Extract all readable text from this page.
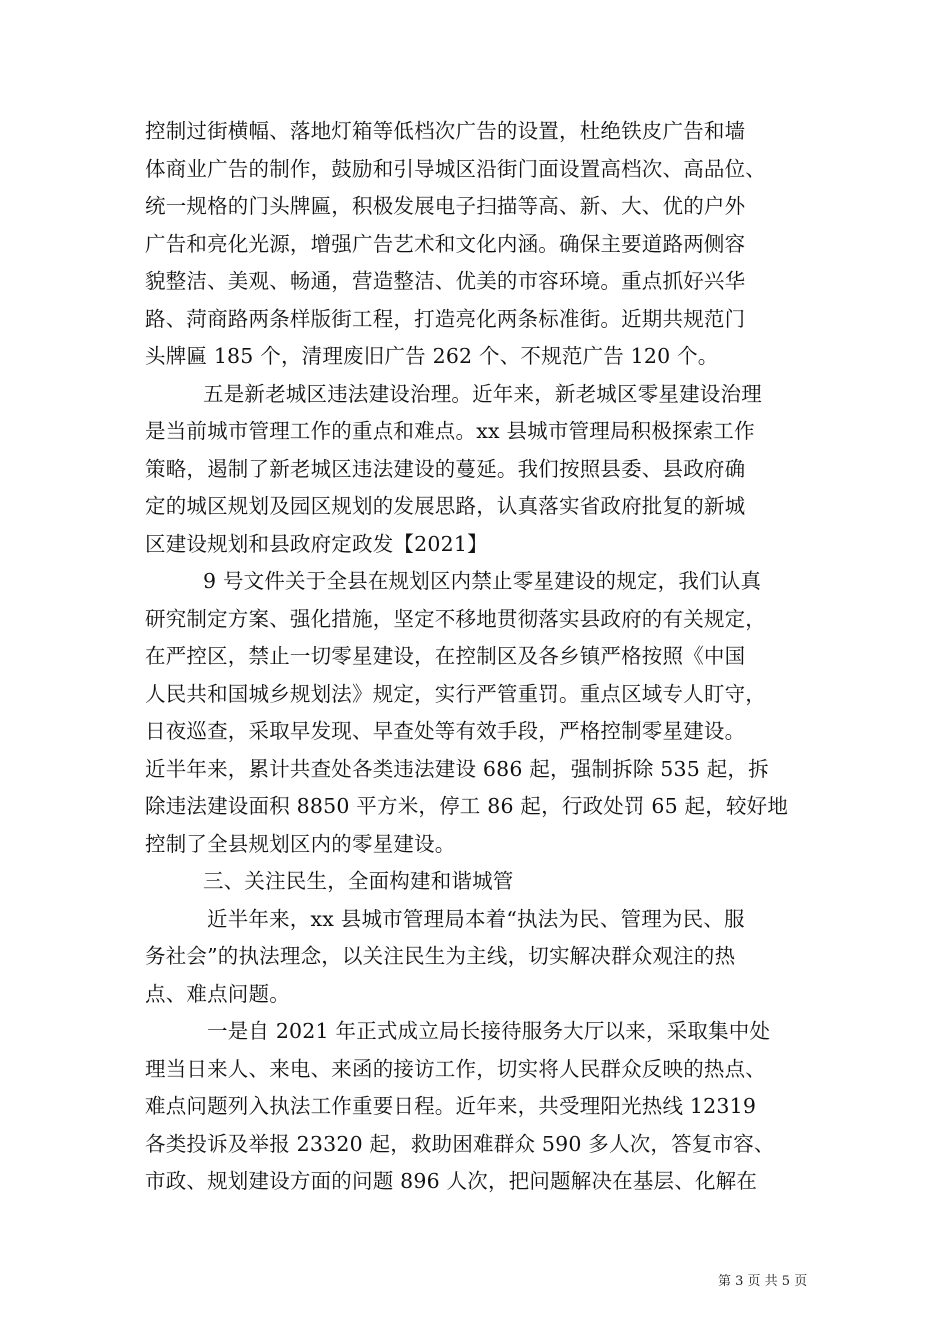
控制过街横幅、落地灯箱等低档次广告的设置，杜绝铁皮广告和墙
体商业广告的制作，鼓励和引导城区沿街门面设置高档次、高品位、
统一规格的门头牌匾，积极发展电子扫描等高、新、大、优的户外
广告和亮化光源，增强广告艺术和文化内涵。确保主要道路两侧容
貌整洁、美观、畅通，营造整洁、优美的市容环境。重点抓好兴华
路、菏商路两条样版街工程，打造亮化两条标准街。近期共规范门
头牌匾 185 个，清理废旧广告 262 个、不规范广告 120 个。
五是新老城区违法建设治理。近年来，新老城区零星建设治理
是当前城市管理工作的重点和难点。xx 县城市管理局积极探索工作
策略，遏制了新老城区违法建设的蔓延。我们按照县委、县政府确
定的城区规划及园区规划的发展思路，认真落实省政府批复的新城
区建设规划和县政府定政发【2021】
9 号文件关于全县在规划区内禁止零星建设的规定，我们认真
研究制定方案、强化措施，坚定不移地贯彻落实县政府的有关规定，
在严控区，禁止一切零星建设，在控制区及各乡镇严格按照《中国
人民共和国城乡规划法》规定，实行严管重罚。重点区域专人盯守，
日夜巡查，采取早发现、早查处等有效手段，严格控制零星建设。
近半年来，累计共查处各类违法建设 686 起，强制拆除 535 起，拆
除违法建设面积 8850 平方米，停工 86 起，行政处罚 65 起，较好地
控制了全县规划区内的零星建设。
三、关注民生，全面构建和谐城管
近半年来，xx 县城市管理局本着“执法为民、管理为民、服
务社会”的执法理念，以关注民生为主线，切实解决群众观注的热
点、难点问题。
一是自 2021 年正式成立局长接待服务大厅以来，采取集中处
理当日来人、来电、来函的接访工作，切实将人民群众反映的热点、
难点问题列入执法工作重要日程。近年来，共受理阳光热线 12319
各类投诉及举报 23320 起，救助困难群众 590 多人次，答复市容、
市政、规划建设方面的问题 896 人次，把问题解决在基层、化解在
第 3 页 共 5 页
